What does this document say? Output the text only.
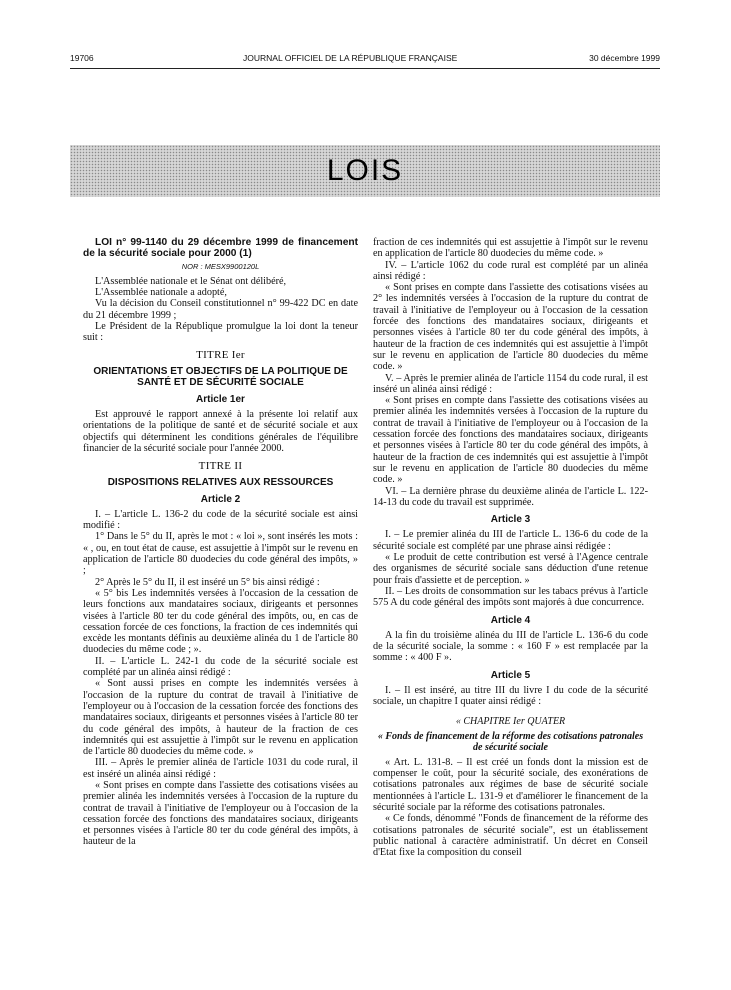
19706	JOURNAL OFFICIEL DE LA RÉPUBLIQUE FRANÇAISE	30 décembre 1999
LOIS

LOI n° 99-1140 du 29 décembre 1999 de financement de la sécurité sociale pour 2000 (1)

NOR : MESX9900120L

L'Assemblée nationale et le Sénat ont délibéré,

L'Assemblée nationale a adopté,

Vu la décision du Conseil constitutionnel n° 99-422 DC en date du 21 décembre 1999 ;

Le Président de la République promulgue la loi dont la teneur suit :

TITRE Ier
ORIENTATIONS ET OBJECTIFS DE LA POLITIQUE DE SANTÉ ET DE SÉCURITÉ SOCIALE
Article 1er

Est approuvé le rapport annexé à la présente loi relatif aux orientations de la politique de santé et de sécurité sociale et aux objectifs qui déterminent les conditions générales de l'équilibre financier de la sécurité sociale pour l'année 2000.

TITRE II
DISPOSITIONS RELATIVES AUX RESSOURCES
Article 2

I. – L'article L. 136-2 du code de la sécurité sociale est ainsi modifié :

1° Dans le 5° du II, après le mot : « loi », sont insérés les mots : « , ou, en tout état de cause, est assujettie à l'impôt sur le revenu en application de l'article 80 duodecies du code général des impôts, » ;

2° Après le 5° du II, il est inséré un 5° bis ainsi rédigé :

« 5° bis Les indemnités versées à l'occasion de la cessation de leurs fonctions aux mandataires sociaux, dirigeants et personnes visées à l'article 80 ter du code général des impôts, ou, en cas de cessation forcée de ces fonctions, la fraction de ces indemnités qui excède les montants définis au deuxième alinéa du 1 de l'article 80 duodecies du même code ; ».

II. – L'article L. 242-1 du code de la sécurité sociale est complété par un alinéa ainsi rédigé :

« Sont aussi prises en compte les indemnités versées à l'occasion de la rupture du contrat de travail à l'initiative de l'employeur ou à l'occasion de la cessation forcée des fonctions des mandataires sociaux, dirigeants et personnes visées à l'article 80 ter du code général des impôts, à hauteur de la fraction de ces indemnités qui est assujettie à l'impôt sur le revenu en application de l'article 80 duodecies du même code. »

III. – Après le premier alinéa de l'article 1031 du code rural, il est inséré un alinéa ainsi rédigé :

« Sont prises en compte dans l'assiette des cotisations visées au premier alinéa les indemnités versées à l'occasion de la rupture du contrat de travail à l'initiative de l'employeur ou à l'occasion de la cessation forcée des fonctions des mandataires sociaux, dirigeants et personnes visées à l'article 80 ter du code général des impôts, à hauteur de la

fraction de ces indemnités qui est assujettie à l'impôt sur le revenu en application de l'article 80 duodecies du même code. »

IV. – L'article 1062 du code rural est complété par un alinéa ainsi rédigé :

« Sont prises en compte dans l'assiette des cotisations visées au 2° les indemnités versées à l'occasion de la rupture du contrat de travail à l'initiative de l'employeur ou à l'occasion de la cessation forcée des fonctions des mandataires sociaux, dirigeants et personnes visées à l'article 80 ter du code général des impôts, à hauteur de la fraction de ces indemnités qui est assujettie à l'impôt sur le revenu en application de l'article 80 duodecies du même code. »

V. – Après le premier alinéa de l'article 1154 du code rural, il est inséré un alinéa ainsi rédigé :

« Sont prises en compte dans l'assiette des cotisations visées au premier alinéa les indemnités versées à l'occasion de la rupture du contrat de travail à l'initiative de l'employeur ou à l'occasion de la cessation forcée des fonctions des mandataires sociaux, dirigeants et personnes visées à l'article 80 ter du code général des impôts, à hauteur de la fraction de ces indemnités qui est assujettie à l'impôt sur le revenu en application de l'article 80 duodecies du même code. »

VI. – La dernière phrase du deuxième alinéa de l'article L. 122-14-13 du code du travail est supprimée.

Article 3

I. – Le premier alinéa du III de l'article L. 136-6 du code de la sécurité sociale est complété par une phrase ainsi rédigée :

« Le produit de cette contribution est versé à l'Agence centrale des organismes de sécurité sociale sans déduction d'une retenue pour frais d'assiette et de perception. »

II. – Les droits de consommation sur les tabacs prévus à l'article 575 A du code général des impôts sont majorés à due concurrence.

Article 4

A la fin du troisième alinéa du III de l'article L. 136-6 du code de la sécurité sociale, la somme : « 160 F » est remplacée par la somme : « 400 F ».

Article 5

I. – Il est inséré, au titre III du livre I du code de la sécurité sociale, un chapitre I quater ainsi rédigé :

« CHAPITRE Ier QUATER
« Fonds de financement de la réforme des cotisations patronales de sécurité sociale

« Art. L. 131-8. – Il est créé un fonds dont la mission est de compenser le coût, pour la sécurité sociale, des exonérations de cotisations patronales aux régimes de base de sécurité sociale mentionnées à l'article L. 131-9 et d'améliorer le financement de la sécurité sociale par la réforme des cotisations patronales.

« Ce fonds, dénommé "Fonds de financement de la réforme des cotisations patronales de sécurité sociale", est un établissement public national à caractère administratif. Un décret en Conseil d'Etat fixe la composition du conseil
